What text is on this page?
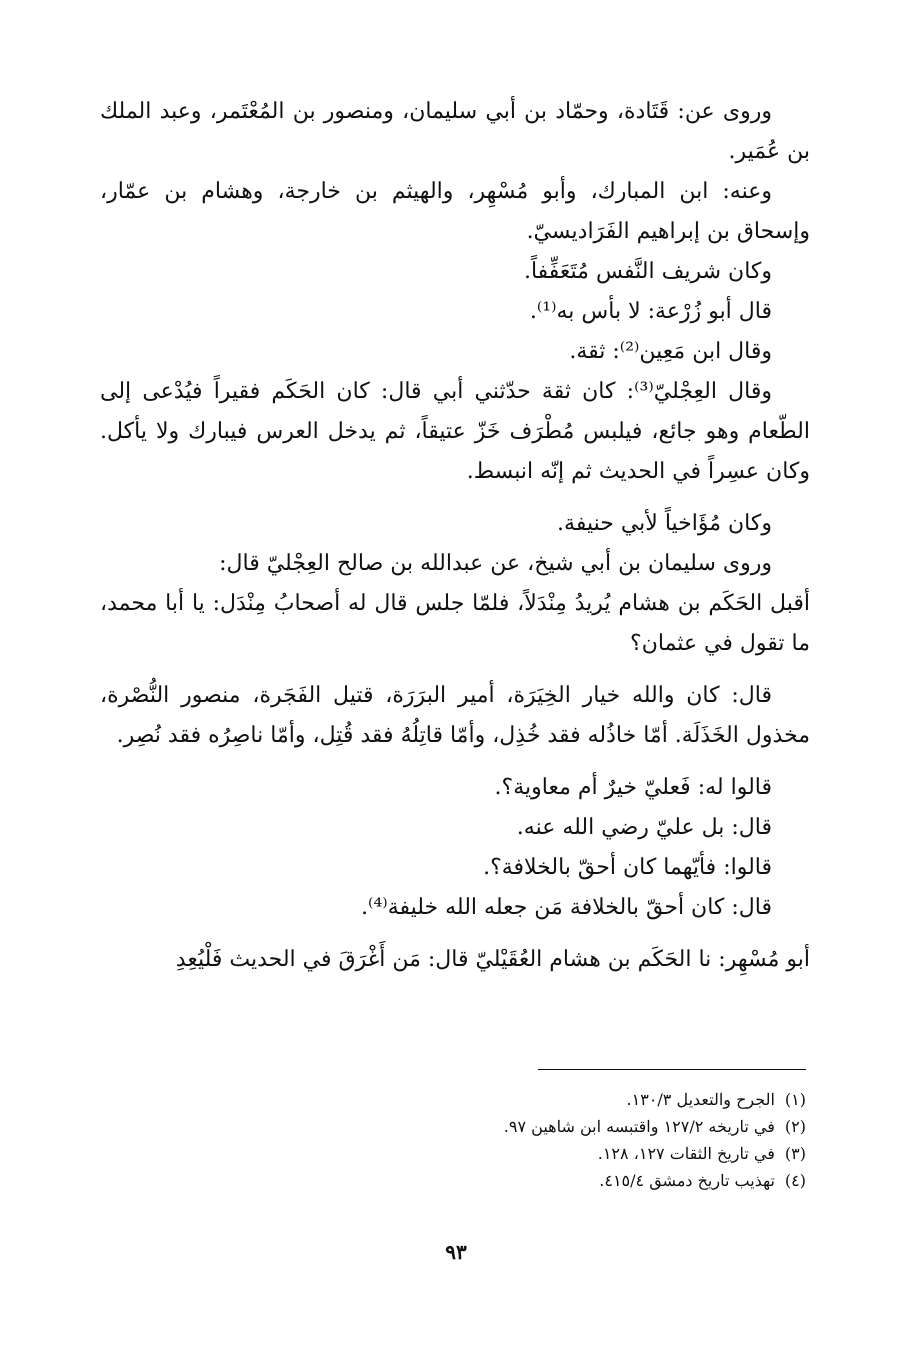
وروى عن: قَتَادة، وحمّاد بن أبي سليمان، ومنصور بن المُعْتَمر، وعبد الملك بن عُمَير.

وعنه: ابن المبارك، وأبو مُسْهِر، والهيثم بن خارجة، وهشام بن عمّار، وإسحاق بن إبراهيم الفَرَاديسيّ.

وكان شريف النَّفس مُتَعَفِّفاً.

قال أبو زُرْعة: لا بأس به⁽¹⁾.

وقال ابن مَعِين⁽²⁾: ثقة.

وقال العِجْليّ⁽³⁾: كان ثقة حدّثني أبي قال: كان الحَكَم فقيراً فيُدْعى إلى الطّعام وهو جائع، فيلبس مُطْرَف خَزّ عتيقاً، ثم يدخل العرس فيبارك ولا يأكل. وكان عسِراً في الحديث ثم إنّه انبسط.

وكان مُؤَاخياً لأبي حنيفة.

وروى سليمان بن أبي شيخ، عن عبدالله بن صالح العِجْليّ قال:

أقبل الحَكَم بن هشام يُريدُ مِنْدَلاً، فلمّا جلس قال له أصحابُ مِنْدَل: يا أبا محمد، ما تقول في عثمان؟

قال: كان والله خيار الخِيَرَة، أمير البرَرَة، قتيل الفَجَرة، منصور النُّصْرة، مخذول الخَذَلَة. أمّا خاذُله فقد خُذِل، وأمّا قاتِلُهُ فقد قُتِل، وأمّا ناصِرُه فقد نُصِر.

قالوا له: فَعليّ خيرٌ أم معاوية؟.

قال: بل عليّ رضي الله عنه.

قالوا: فأيّهما كان أحقّ بالخلافة؟.

قال: كان أحقّ بالخلافة مَن جعله الله خليفة⁽⁴⁾.

أبو مُسْهِر: نا الحَكَم بن هشام العُقَيْليّ قال: مَن أَغْرَقَ في الحديث فَلْيُعِدِ

(١)الجرح والتعديل ١٣٠/٣.

(٢)في تاريخه ١٢٧/٢ واقتبسه ابن شاهين ٩٧.

(٣)في تاريخ الثقات ١٢٧، ١٢٨.

(٤)تهذيب تاريخ دمشق ٤١٥/٤.

٩٣
